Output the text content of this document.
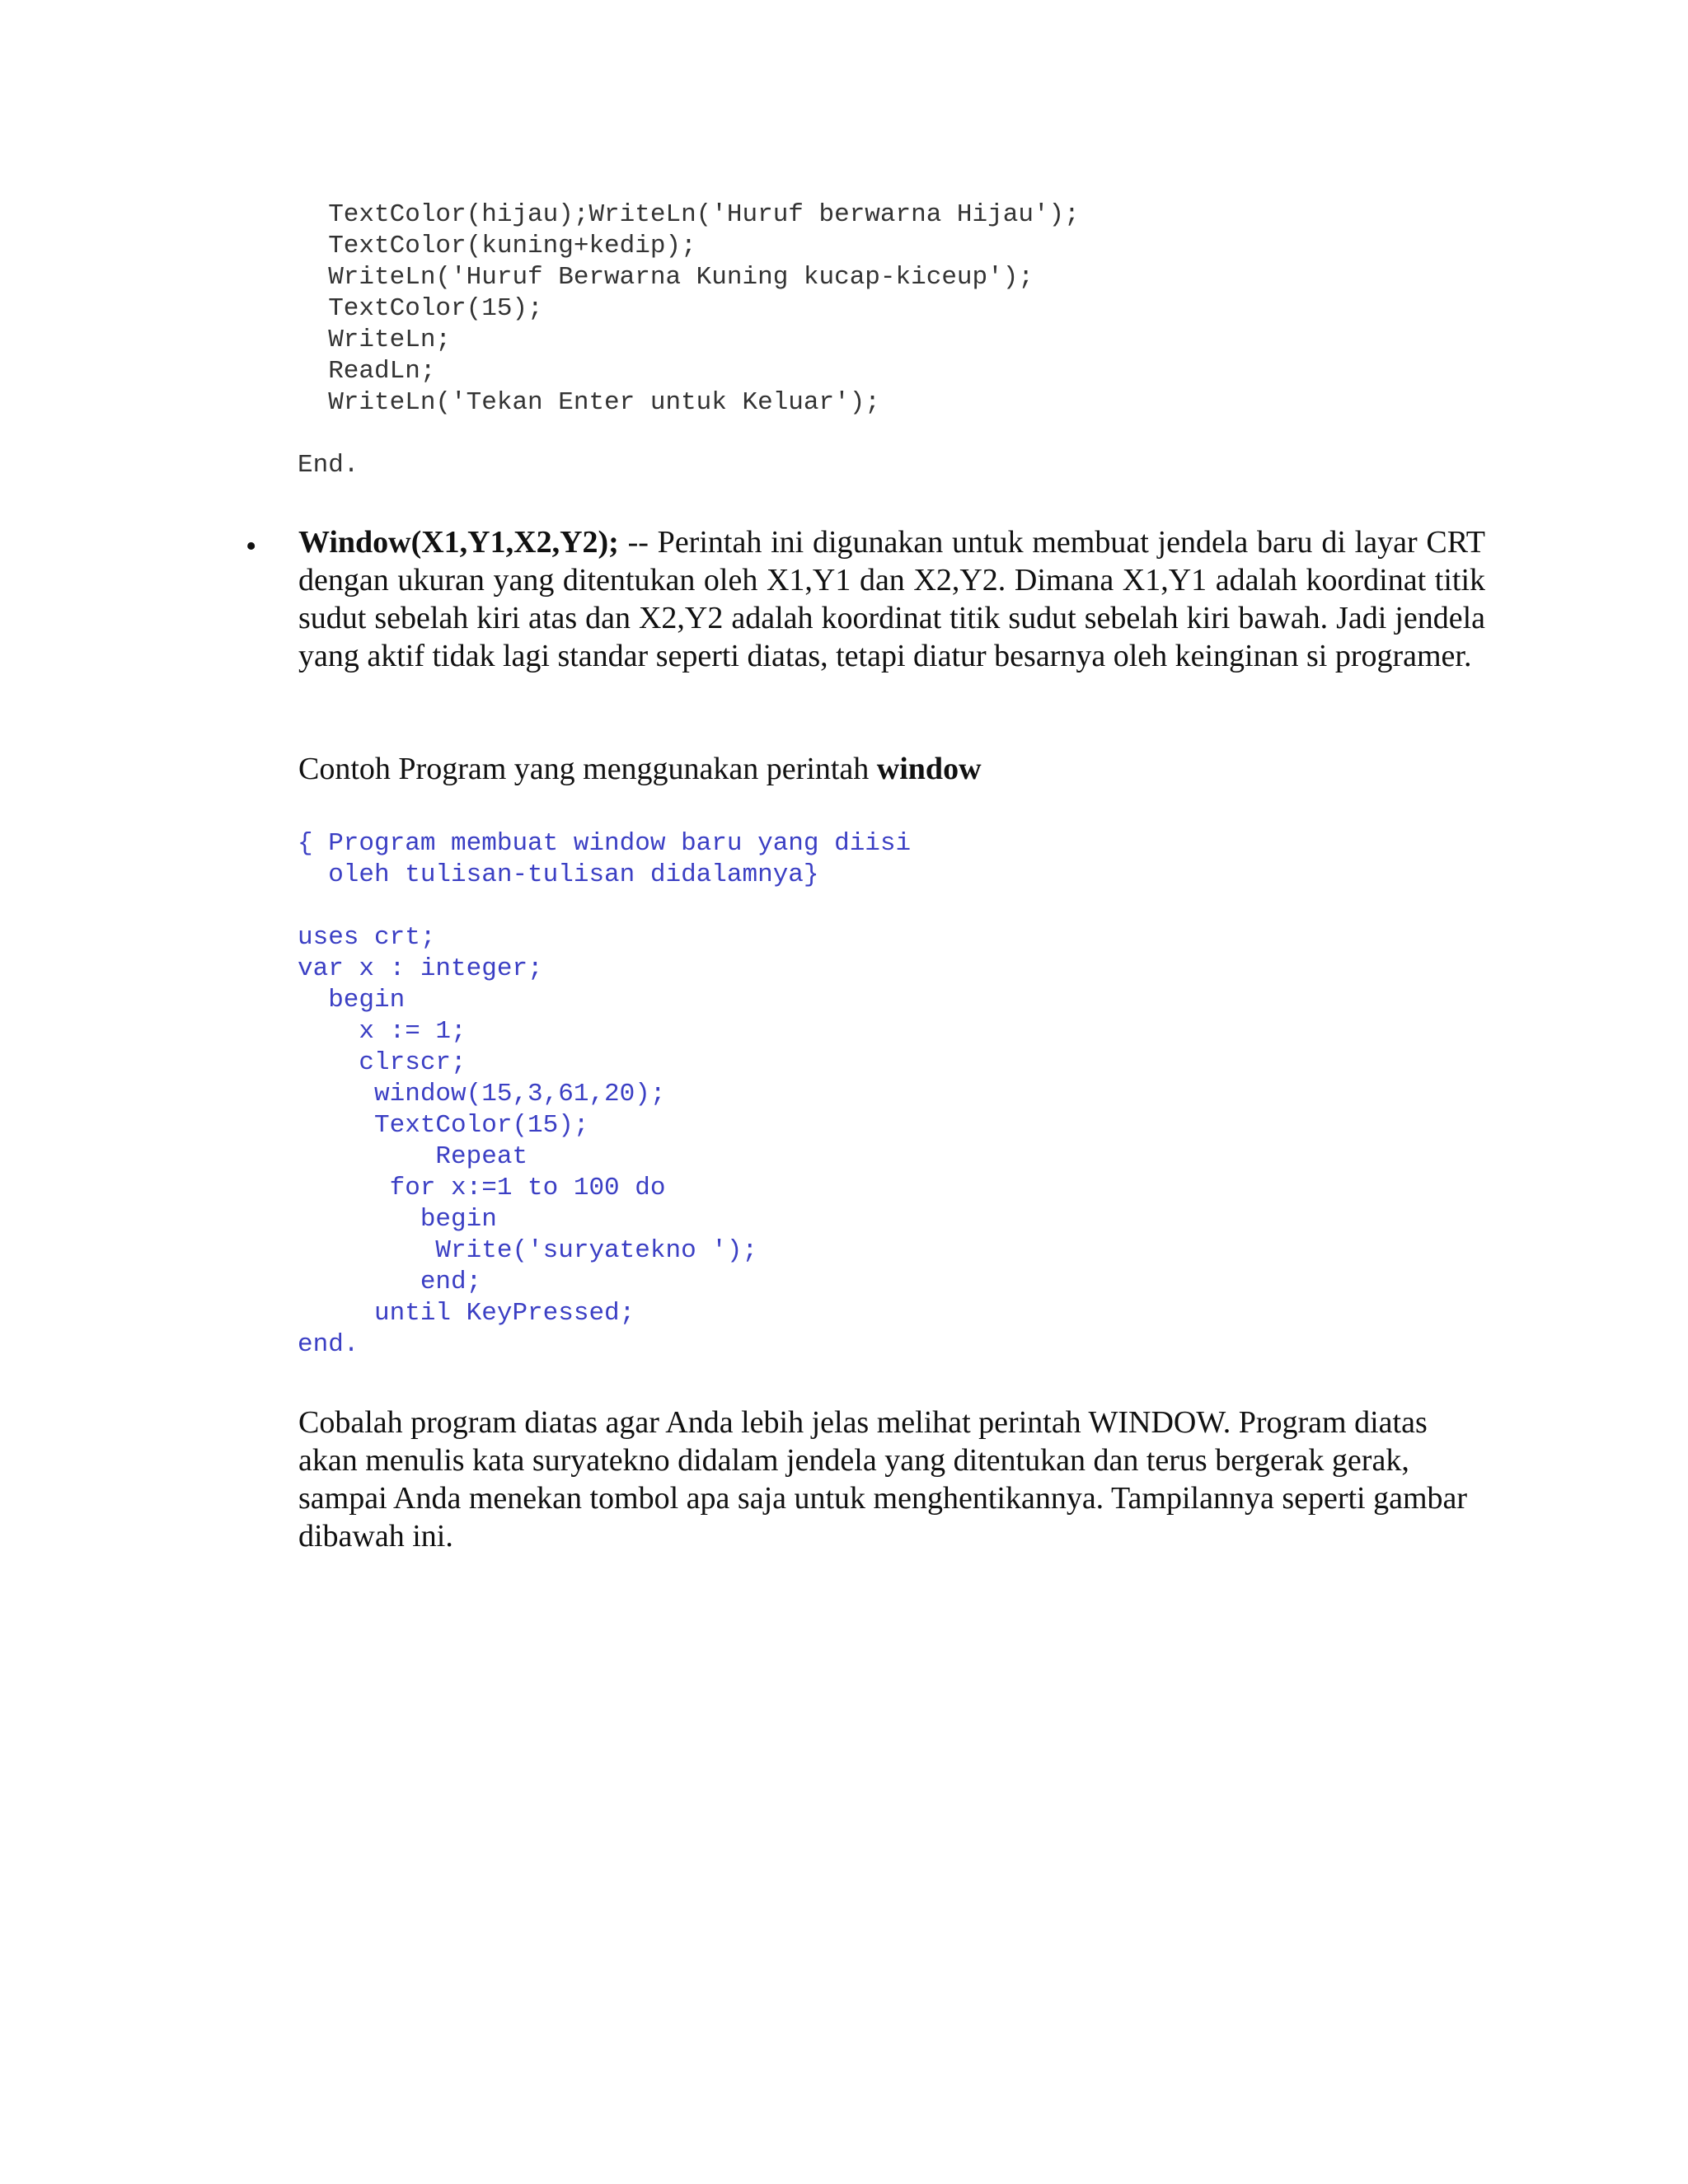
TextColor(hijau);WriteLn('Huruf berwarna Hijau');
TextColor(kuning+kedip);
WriteLn('Huruf Berwarna Kuning kucap-kiceup');
TextColor(15);
WriteLn;
ReadLn;
WriteLn('Tekan Enter untuk Keluar');
End.
• Window(X1,Y1,X2,Y2); -- Perintah ini digunakan untuk membuat jendela baru di layar CRT dengan ukuran yang ditentukan oleh X1,Y1 dan X2,Y2. Dimana X1,Y1 adalah koordinat titik sudut sebelah kiri atas dan X2,Y2 adalah koordinat titik sudut sebelah kiri bawah. Jadi jendela yang aktif tidak lagi standar seperti diatas, tetapi diatur besarnya oleh keinginan si programer.
Contoh Program yang menggunakan perintah window
{ Program membuat window baru yang diisi
oleh tulisan-tulisan didalamnya}
uses crt;
var x : integer;
begin
x := 1;
clrscr;
window(15,3,61,20);
TextColor(15);
Repeat
for x:=1 to 100 do
begin
Write('suryatekno ');
end;
until KeyPressed;
end.
Cobalah program diatas agar Anda lebih jelas melihat perintah WINDOW. Program diatas akan menulis kata suryatekno didalam jendela yang ditentukan dan terus bergerak gerak, sampai Anda menekan tombol apa saja untuk menghentikannya. Tampilannya seperti gambar dibawah ini.
